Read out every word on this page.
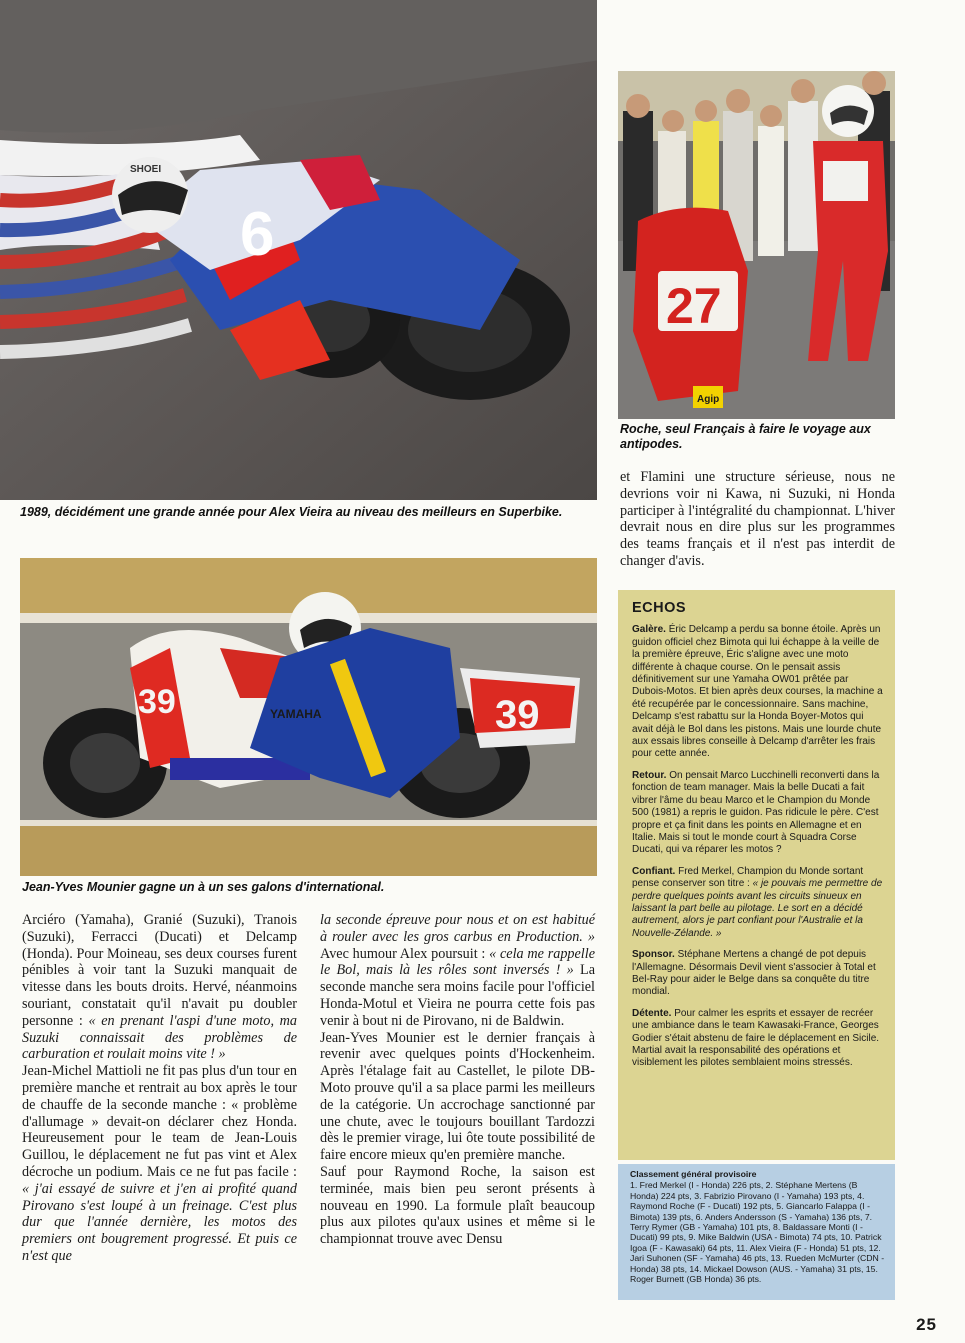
6
SHOEI
27
Agip

Roche, seul Français à faire le voyage aux antipodes.

et Flamini une structure sérieuse, nous ne devrions voir ni Kawa, ni Suzuki, ni Honda participer à l'intégralité du championnat. L'hiver devrait nous en dire plus sur les programmes des teams français et il n'est pas interdit de changer d'avis.

1989, décidément une grande année pour Alex Vieira au niveau des meilleurs en Superbike.

39
39	YAMAHA

Jean-Yves Mounier gagne un à un ses galons d'international.

Arciéro (Yamaha), Granié (Suzuki), Tranois (Suzuki), Ferracci (Ducati) et Delcamp (Honda). Pour Moineau, ses deux courses furent pénibles à voir tant la Suzuki manquait de vitesse dans les bouts droits. Hervé, néanmoins souriant, constatait qu'il n'avait pu doubler personne : « en prenant l'aspi d'une moto, ma Suzuki connaissait des problèmes de carburation et roulait moins vite ! »

Jean-Michel Mattioli ne fit pas plus d'un tour en première manche et rentrait au box après le tour de chauffe de la seconde manche : « problème d'allumage » devait-on déclarer chez Honda. Heureusement pour le team de Jean-Louis Guillou, le déplacement ne fut pas vint et Alex décroche un podium. Mais ce ne fut pas facile : « j'ai essayé de suivre et j'en ai profité quand Pirovano s'est loupé à un freinage. C'est plus dur que l'année dernière, les motos des premiers ont bougrement progressé. Et puis ce n'est que

la seconde épreuve pour nous et on est habitué à rouler avec les gros carbus en Production. » Avec humour Alex poursuit : « cela me rappelle le Bol, mais là les rôles sont inversés ! » La seconde manche sera moins facile pour l'officiel Honda-Motul et Vieira ne pourra cette fois pas venir à bout ni de Pirovano, ni de Baldwin.

Jean-Yves Mounier est le dernier français à revenir avec quelques points d'Hockenheim. Après l'étalage fait au Castellet, le pilote DB-Moto prouve qu'il a sa place parmi les meilleurs de la catégorie. Un accrochage sanctionné par une chute, avec le toujours bouillant Tardozzi dès le premier virage, lui ôte toute possibilité de faire encore mieux qu'en première manche.

Sauf pour Raymond Roche, la saison est terminée, mais bien peu seront présents à nouveau en 1990. La formule plaît beaucoup plus aux pilotes qu'aux usines et même si le championnat trouve avec Densu

ECHOS

Galère. Éric Delcamp a perdu sa bonne étoile. Après un guidon officiel chez Bimota qui lui échappe à la veille de la première épreuve, Éric s'aligne avec une moto différente à chaque course. On le pensait assis définitivement sur une Yamaha OW01 prêtée par Dubois-Motos. Et bien après deux courses, la machine a été recupérée par le concessionnaire. Sans machine, Delcamp s'est rabattu sur la Honda Boyer-Motos qui avait déjà le Bol dans les pistons. Mais une lourde chute aux essais libres conseille à Delcamp d'arrêter les frais pour cette année.

Retour. On pensait Marco Lucchinelli reconverti dans la fonction de team manager. Mais la belle Ducati a fait vibrer l'âme du beau Marco et le Champion du Monde 500 (1981) a repris le guidon. Pas ridicule le père. C'est propre et ça finit dans les points en Allemagne et en Italie. Mais si tout le monde court à Squadra Corse Ducati, qui va réparer les motos ?

Confiant. Fred Merkel, Champion du Monde sortant pense conserver son titre : « je pouvais me permettre de perdre quelques points avant les circuits sinueux en laissant la part belle au pilotage. Le sort en a décidé autrement, alors je part confiant pour l'Australie et la Nouvelle-Zélande. »

Sponsor. Stéphane Mertens a changé de pot depuis l'Allemagne. Désormais Devil vient s'associer à Total et Bel-Ray pour aider le Belge dans sa conquête du titre mondial.

Détente. Pour calmer les esprits et essayer de recréer une ambiance dans le team Kawasaki-France, Georges Godier s'était abstenu de faire le déplacement en Sicile. Martial avait la responsabilité des opérations et visiblement les pilotes semblaient moins stressés.

Classement général provisoire

1. Fred Merkel (I - Honda) 226 pts, 2. Stéphane Mertens (B Honda) 224 pts, 3. Fabrizio Pirovano (I - Yamaha) 193 pts, 4. Raymond Roche (F - Ducati) 192 pts, 5. Giancarlo Falappa (I - Bimota) 139 pts, 6. Anders Andersson (S - Yamaha) 136 pts, 7. Terry Rymer (GB - Yamaha) 101 pts, 8. Baldassare Monti (I - Ducati) 99 pts, 9. Mike Baldwin (USA - Bimota) 74 pts, 10. Patrick Igoa (F - Kawasaki) 64 pts, 11. Alex Vieira (F - Honda) 51 pts, 12. Jari Suhonen (SF - Yamaha) 46 pts, 13. Rueden McMurter (CDN - Honda) 38 pts, 14. Mickael Dowson (AUS. - Yamaha) 31 pts, 15. Roger Burnett (GB Honda) 36 pts.

25
